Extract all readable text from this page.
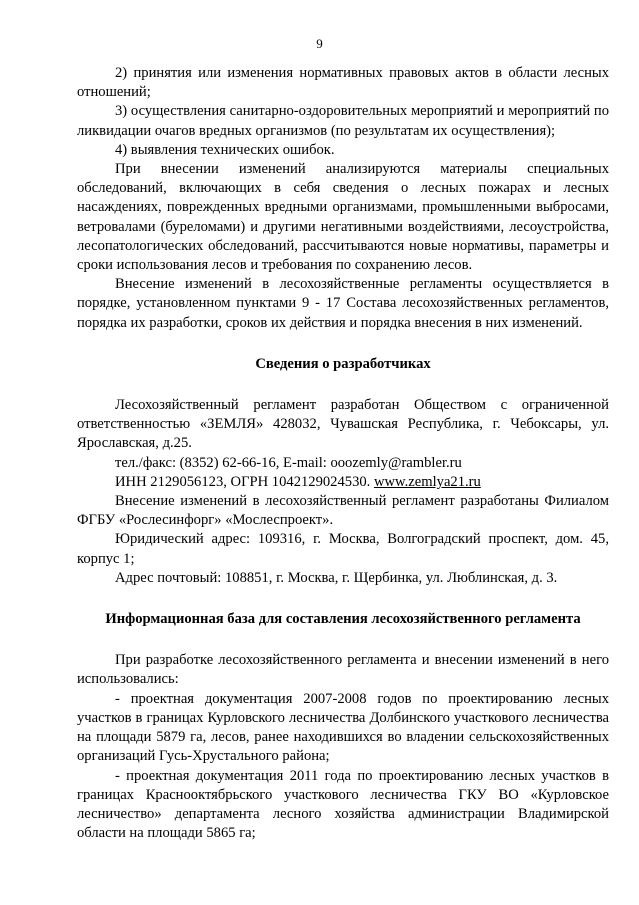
9

2) принятия или изменения нормативных правовых актов в области лесных отношений;

3) осуществления санитарно-оздоровительных мероприятий и мероприятий по ликвидации очагов вредных организмов (по результатам их осуществления);

4) выявления технических ошибок.

При внесении изменений анализируются материалы специальных обследований, включающих в себя сведения о лесных пожарах и лесных насаждениях, поврежденных вредными организмами, промышленными выбросами, ветровалами (буреломами) и другими негативными воздействиями, лесоустройства, лесопатологических обследований, рассчитываются новые нормативы, параметры и сроки использования лесов и требования по сохранению лесов.

Внесение изменений в лесохозяйственные регламенты осуществляется в порядке, установленном пунктами 9 - 17 Состава лесохозяйственных регламентов, порядка их разработки, сроков их действия и порядка внесения в них изменений.

Сведения о разработчиках

Лесохозяйственный регламент разработан Обществом с ограниченной ответственностью «ЗЕМЛЯ» 428032, Чувашская Республика, г. Чебоксары, ул. Ярославская, д.25.

тел./факс: (8352) 62-66-16, E-mail: ooozemly@rambler.ru

ИНН 2129056123, ОГРН 1042129024530. www.zemlya21.ru

Внесение изменений в лесохозяйственный регламент разработаны Филиалом ФГБУ «Рослесинфорг» «Мослеспроект».

Юридический адрес: 109316, г. Москва, Волгоградский проспект, дом. 45, корпус 1;

Адрес почтовый: 108851, г. Москва, г. Щербинка, ул. Люблинская, д. 3.

Информационная база для составления лесохозяйственного регламента

При разработке лесохозяйственного регламента и внесении изменений в него использовались:

- проектная документация 2007-2008 годов по проектированию лесных участков в границах Курловского лесничества Долбинского участкового лесничества на площади 5879 га, лесов, ранее находившихся во владении сельскохозяйственных организаций Гусь-Хрустального района;

- проектная документация 2011 года по проектированию лесных участков в границах Краснооктябрьского участкового лесничества ГКУ ВО «Курловское лесничество» департамента лесного хозяйства администрации Владимирской области на площади 5865 га;
